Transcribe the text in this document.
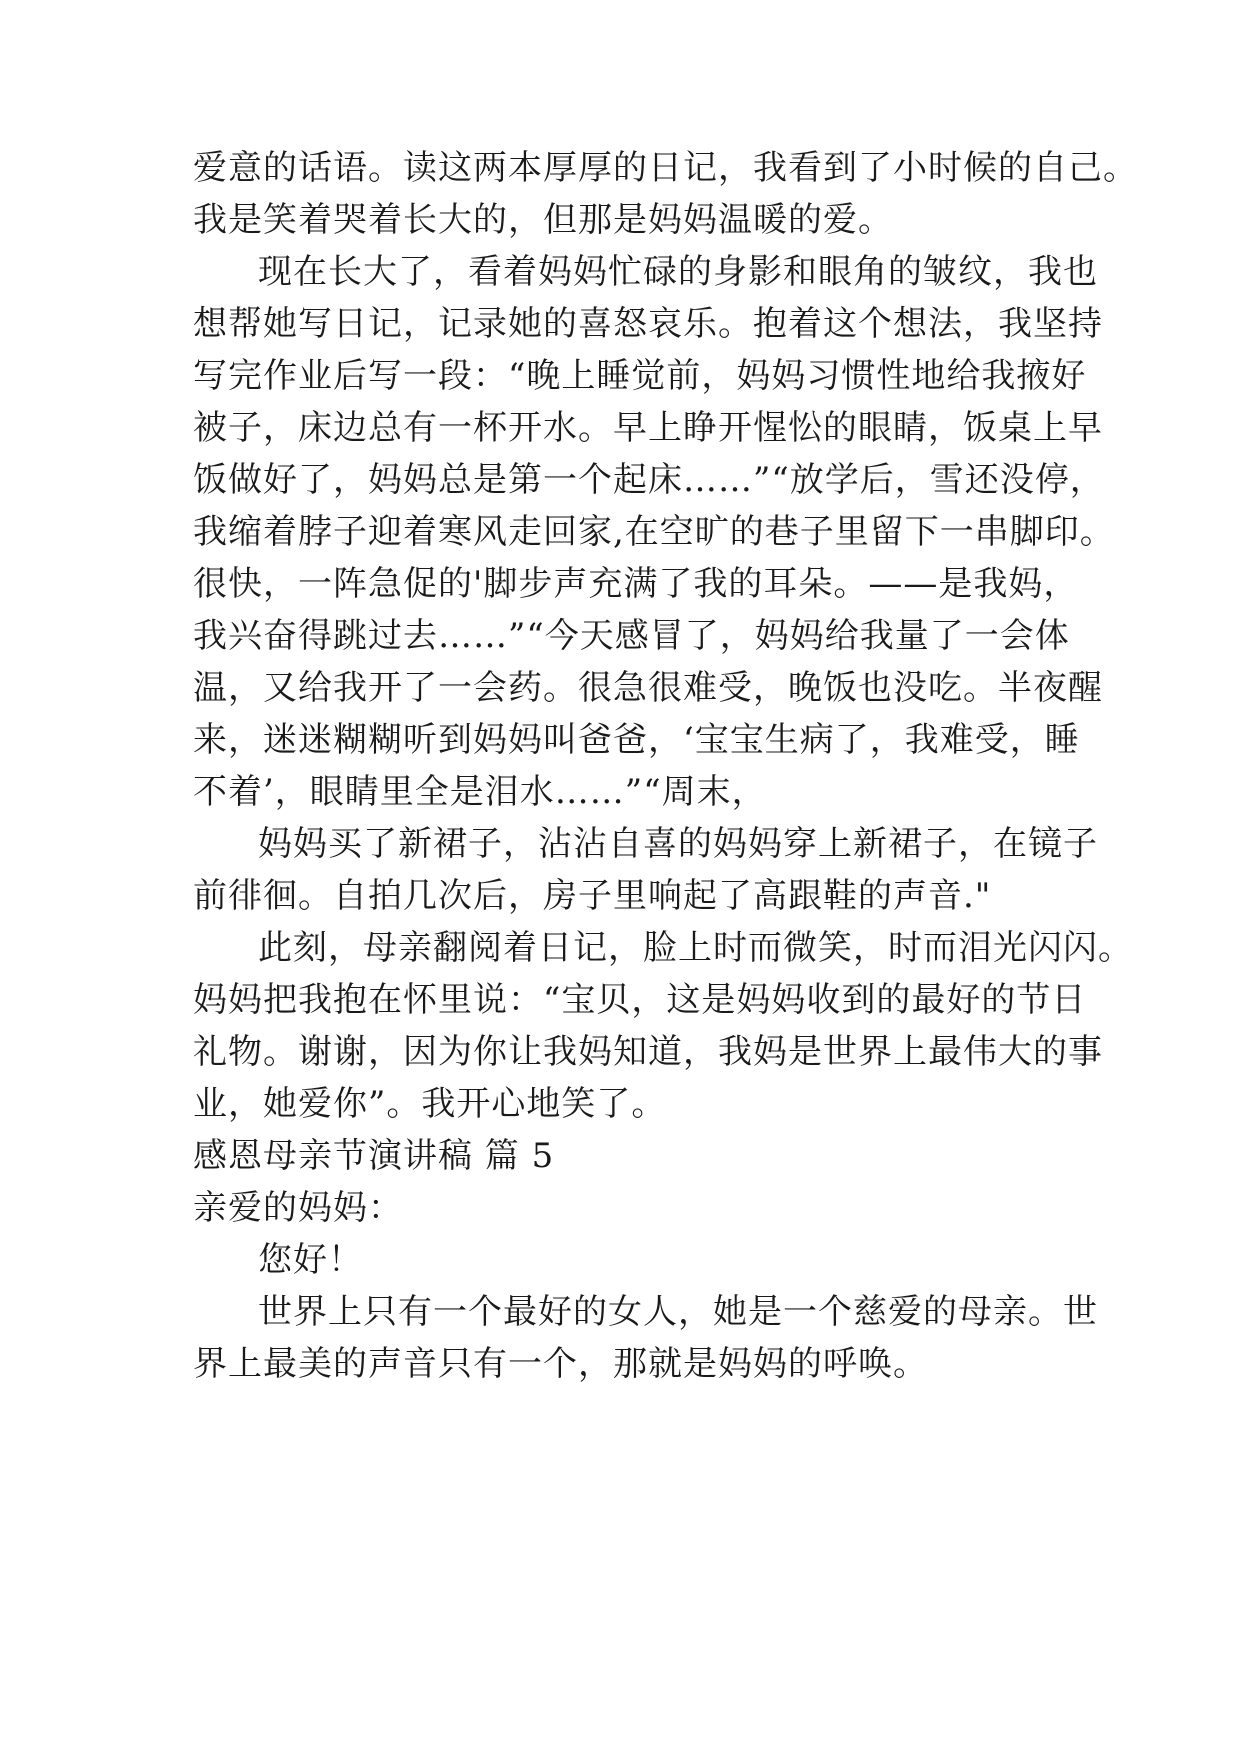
爱意的话语。读这两本厚厚的日记，我看到了小时候的自己。
我是笑着哭着长大的，但那是妈妈温暖的爱。
现在长大了，看着妈妈忙碌的身影和眼角的皱纹，我也
想帮她写日记，记录她的喜怒哀乐。抱着这个想法，我坚持
写完作业后写一段：“晚上睡觉前，妈妈习惯性地给我掖好
被子，床边总有一杯开水。早上睁开惺忪的眼睛，饭桌上早
饭做好了，妈妈总是第一个起床……”“放学后，雪还没停，
我缩着脖子迎着寒风走回家,在空旷的巷子里留下一串脚印。
很快，一阵急促的'脚步声充满了我的耳朵。——是我妈，
我兴奋得跳过去……”“今天感冒了，妈妈给我量了一会体
温，又给我开了一会药。很急很难受，晚饭也没吃。半夜醒
来，迷迷糊糊听到妈妈叫爸爸，‘宝宝生病了，我难受，睡
不着’，眼睛里全是泪水……”“周末，
妈妈买了新裙子，沾沾自喜的妈妈穿上新裙子，在镜子
前徘徊。自拍几次后，房子里响起了高跟鞋的声音."
此刻，母亲翻阅着日记，脸上时而微笑，时而泪光闪闪。
妈妈把我抱在怀里说：“宝贝，这是妈妈收到的最好的节日
礼物。谢谢，因为你让我妈知道，我妈是世界上最伟大的事
业，她爱你”。我开心地笑了。
感恩母亲节演讲稿 篇 5
亲爱的妈妈：
您好！
世界上只有一个最好的女人，她是一个慈爱的母亲。世
界上最美的声音只有一个，那就是妈妈的呼唤。
